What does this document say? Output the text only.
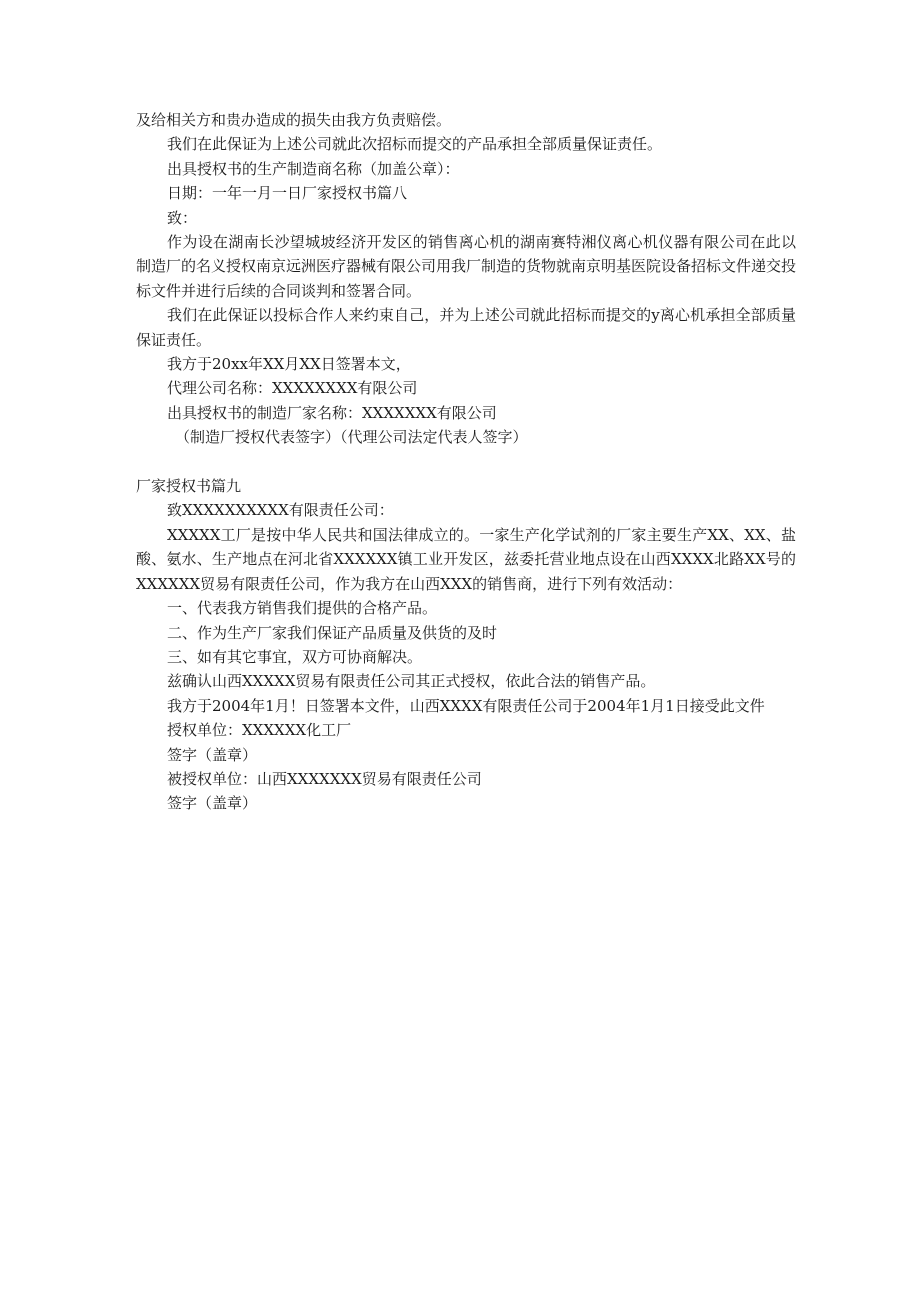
及给相关方和贵办造成的损失由我方负责赔偿。

我们在此保证为上述公司就此次招标而提交的产品承担全部质量保证责任。

出具授权书的生产制造商名称（加盖公章）：

日期：一年一月一日厂家授权书篇八

致：

作为设在湖南长沙望城坡经济开发区的销售离心机的湖南赛特湘仪离心机仪器有限公司在此以制造厂的名义授权南京远洲医疗器械有限公司用我厂制造的货物就南京明基医院设备招标文件递交投标文件并进行后续的合同谈判和签署合同。

我们在此保证以投标合作人来约束自己，并为上述公司就此招标而提交的y离心机承担全部质量保证责任。

我方于20xx年XX月XX日签署本文，

代理公司名称：XXXXXXXX有限公司

出具授权书的制造厂家名称：XXXXXXX有限公司

（制造厂授权代表签字）（代理公司法定代表人签字）

厂家授权书篇九

致XXXXXXXXXX有限责任公司：

XXXXX工厂是按中华人民共和国法律成立的。一家生产化学试剂的厂家主要生产XX、XX、盐酸、氨水、生产地点在河北省XXXXXX镇工业开发区，兹委托营业地点设在山西XXXX北路XX号的XXXXXX贸易有限责任公司，作为我方在山西XXX的销售商，进行下列有效活动：

一、代表我方销售我们提供的合格产品。

二、作为生产厂家我们保证产品质量及供货的及时

三、如有其它事宜，双方可协商解决。

兹确认山西XXXXX贸易有限责任公司其正式授权，依此合法的销售产品。

我方于2004年1月！日签署本文件，山西XXXX有限责任公司于2004年1月1日接受此文件

授权单位：XXXXXX化工厂

签字（盖章）

被授权单位：山西XXXXXXX贸易有限责任公司

签字（盖章）
